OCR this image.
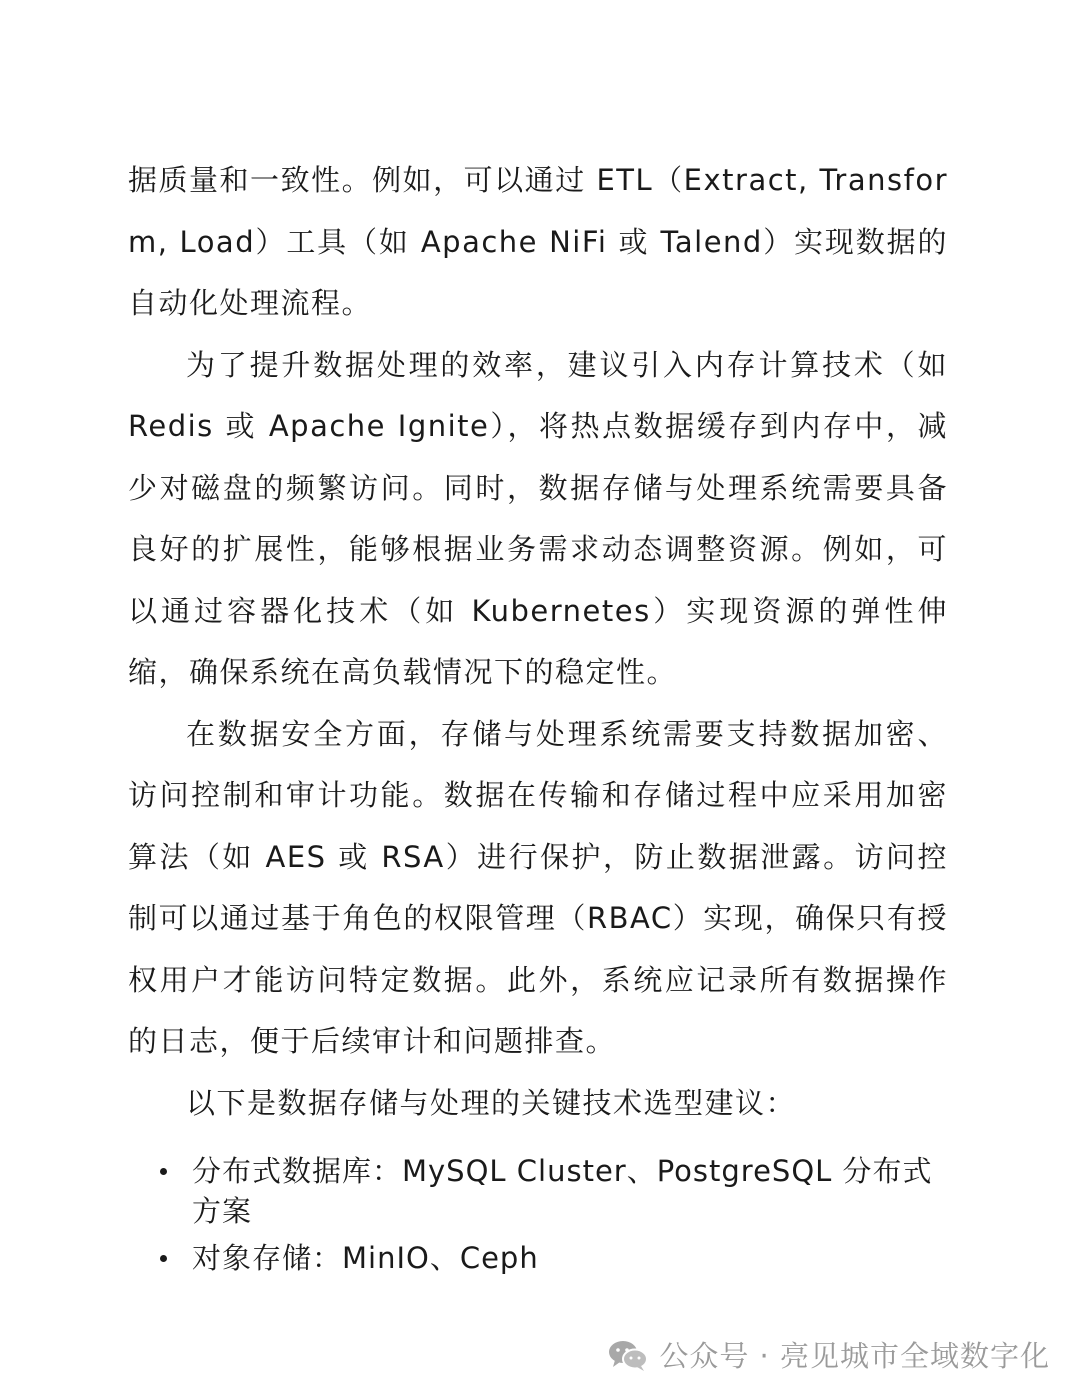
据质量和一致性。例如，可以通过 ETL（Extract, Transform, Load）工具（如 Apache NiFi 或 Talend）实现数据的自动化处理流程。

为了提升数据处理的效率，建议引入内存计算技术（如 Redis 或 Apache Ignite），将热点数据缓存到内存中，减少对磁盘的频繁访问。同时，数据存储与处理系统需要具备良好的扩展性，能够根据业务需求动态调整资源。例如，可以通过容器化技术（如 Kubernetes）实现资源的弹性伸缩，确保系统在高负载情况下的稳定性。

在数据安全方面，存储与处理系统需要支持数据加密、访问控制和审计功能。数据在传输和存储过程中应采用加密算法（如 AES 或 RSA）进行保护，防止数据泄露。访问控制可以通过基于角色的权限管理（RBAC）实现，确保只有授权用户才能访问特定数据。此外，系统应记录所有数据操作的日志，便于后续审计和问题排查。

以下是数据存储与处理的关键技术选型建议：

分布式数据库：MySQL Cluster、PostgreSQL 分布式方案
对象存储：MinIO、Ceph
公众号 · 亮见城市全域数字化
